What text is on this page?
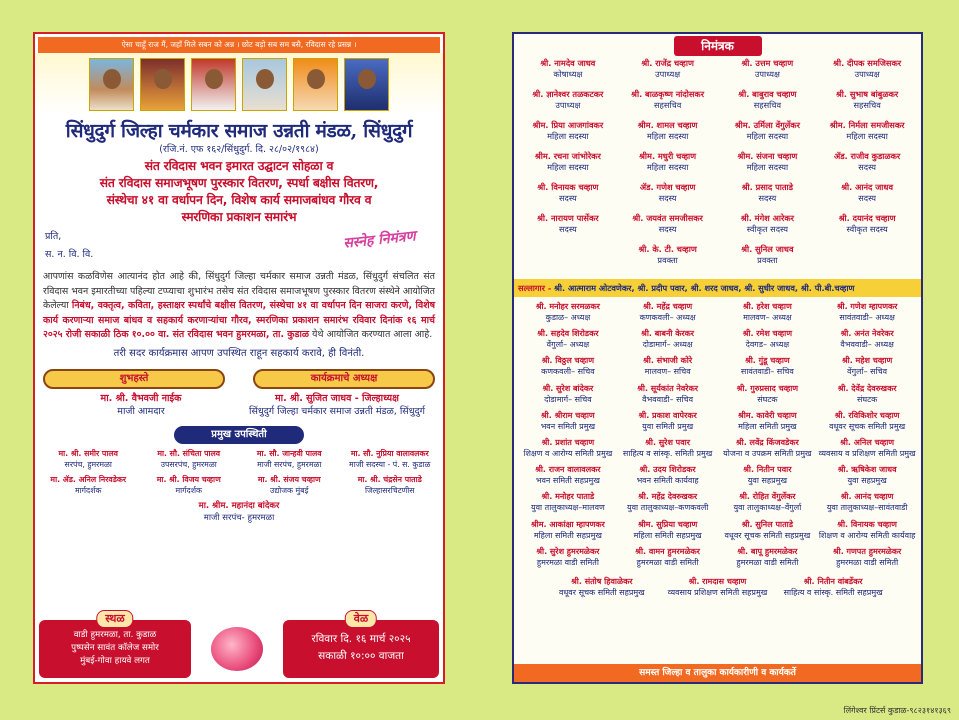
ऐसा चाहूँ राज मैं, जहाँ मिले सबन को अन्न । छोट बड़ो सब सम बसै, रविदास रहे प्रसन्न ।
सिंधुदुर्ग जिल्हा चर्मकार समाज उन्नती मंडळ, सिंधुदुर्ग
(रजि.नं. एफ १६२/सिंधुदुर्ग. दि. २८/०२/१९८४)
संत रविदास भवन इमारत उद्घाटन सोहळा व
संत रविदास समाजभूषण पुरस्कार वितरण, स्पर्धा बक्षीस वितरण,
संस्थेचा ४१ वा वर्धापन दिन, विशेष कार्य समाजबांधव गौरव व
स्मरणिका प्रकाशन समारंभ
प्रति,
स. न. वि. वि.
सस्नेह निमंत्रण
आपणांस कळविणेस आत्यानंद होत आहे की, सिंधुदुर्ग जिल्हा चर्मकार समाज उन्नती मंडळ, सिंधुदुर्ग संचलित संत रविदास भवन इमारतीच्या पहिल्या टप्प्याचा शुभारंभ तसेच संत रविदास समाजभूषण पुरस्कार वितरण संस्थेने आयोजित केलेल्या निबंध, वक्तृत्व, कविता, हस्ताक्षर स्पर्धांचे बक्षीस वितरण, संस्थेचा ४१ वा वर्धापन दिन साजरा करणे, विशेष कार्य करणाऱ्या समाज बांधव व सहकार्य करणाऱ्यांचा गौरव, स्मरणिका प्रकाशन समारंभ रविवार दिनांक १६ मार्च २०२५ रोजी सकाळी ठिक १०.०० वा. संत रविदास भवन हुमरमळा, ता. कुडाळ येथे आयोजित करण्यात आला आहे.
तरी सदर कार्यक्रमास आपण उपस्थित राहून सहकार्य करावे, ही विनंती.
शुभहस्ते	कार्यक्रमाचे अध्यक्ष
मा. श्री. वैभवजी नाईक
माजी आमदार
मा. श्री. सुजित जाधव - जिल्हाध्यक्ष
सिंधुदुर्ग जिल्हा चर्मकार समाज उन्नती मंडळ, सिंधुदुर्ग
प्रमुख उपस्थिती
मा. श्री. समीर पालव
सरपंच, हुमरमळा
मा. सौ. संचिता पालव
उपसरपंच, हुमरमळा
मा. सौ. जान्हवी पालव
माजी सरपंच, हुमरमळा
मा. सौ. नुप्रिया वालावलकर
माजी सदस्या - पं. स. कुडाळ
मा. ॲड. अनिल निरवडेकर
मार्गदर्शक
मा. श्री. विजय चव्हाण
मार्गदर्शक
मा. श्री. संजय चव्हाण
उद्योजक मुंबई
मा. श्री. चंद्रसेन पाताडे
जिल्हासरचिटणीस
मा. श्रीम. महानंदा बांदेकर
माजी सरपंच- हुमरमळा
स्थळ
वाडी हुमरमळा, ता. कुडाळ
पुष्पसेन सावंत कॉलेज समोर
मुंबई-गोवा हायवे लगत
वेळ
रविवार दि. १६ मार्च २०२५
सकाळी १०:०० वाजता
निमंत्रक
श्री. नामदेव जाधव
कोषाध्यक्ष
श्री. राजेंद्र चव्हाण
उपाध्यक्ष
श्री. उत्तम चव्हाण
उपाध्यक्ष
श्री. दीपक समजिसकर
उपाध्यक्ष
श्री. ज्ञानेश्वर तळकटकर
उपाध्यक्ष
श्री. बाळकृष्ण नांदोसकर
सहसचिव
श्री. बाबुराव चव्हाण
सहसचिव
श्री. सुभाष बांबुळकर
सहसचिव
श्रीम. प्रिया आजगांवकर
महिला सदस्या
श्रीम. शामल चव्हाण
महिला सदस्या
श्रीम. उर्मिला वेंगुर्लेकर
महिला सदस्या
श्रीम. निर्मला समजीसकर
महिला सदस्या
श्रीम. रचना जांभोरेकर
महिला सदस्या
श्रीम. मधुरी चव्हाण
महिला सदस्या
श्रीम. संजना चव्हाण
महिला सदस्या
ॲड. राजीव कुडाळकर
सदस्य
श्री. विनायक चव्हाण
सदस्य
ॲड. गणेश चव्हाण
सदस्य
श्री. प्रसाद पाताडे
सदस्य
श्री. आनंद जाधव
सदस्य
श्री. नारायण पार्सेकर
सदस्य
श्री. जयवंत समजीसकर
सदस्य
श्री. मंगेश आरेकर
स्वीकृत सदस्य
श्री. दयानंद चव्हाण
स्वीकृत सदस्य
श्री. के. टी. चव्हाण
प्रवक्ता
श्री. सुनिल जाधव
प्रवक्ता
सल्लागार - श्री. आत्माराम ओटवणेकर, श्री. प्रदीप पवार, श्री. शरद जाधव, श्री. सुधीर जाधव, श्री. पी.बी.चव्हाण
श्री. मनोहर सरमळकर
कुडाळ– अध्यक्ष
श्री. महेंद्र चव्हाण
कणकवली– अध्यक्ष
श्री. हरेश चव्हाण
मालवण– अध्यक्ष
श्री. गणेश म्हापणकर
सावंतवाडी– अध्यक्ष
श्री. सहदेव शिरोडकर
वेंगुर्ला– अध्यक्ष
श्री. बाबनी केरकर
दोडामार्ग– अध्यक्ष
श्री. रमेश चव्हाण
देवगड– अध्यक्ष
श्री. अनंत नेवरेकर
वैभववाडी– अध्यक्ष
श्री. विठ्ठल चव्हाण
कणकवली– सचिव
श्री. संभाजी कोरे
मालवण– सचिव
श्री. गुंडू चव्हाण
सावंतवाडी– सचिव
श्री. महेश चव्हाण
वेंगुर्ला– सचिव
श्री. सुरेश बांदेकर
दोडामार्ग– सचिव
श्री. सूर्यकांत नेवरेकर
वैभववाडी– सचिव
श्री. गुरुप्रसाद चव्हाण
संघटक
श्री. देवेंद्र देवरुखकर
संघटक
श्री. श्रीराम चव्हाण
भवन समिती प्रमुख
श्री. प्रकाश वापेरकर
युवा समिती प्रमुख
श्रीम. कावेरी चव्हाण
महिला समिती प्रमुख
श्री. रविकिशोर चव्हाण
वधूवर सूचक समिती प्रमुख
श्री. प्रशांत चव्हाण
शिक्षण व आरोग्य समिती प्रमुख
श्री. सुरेश पवार
साहित्य व सांस्कृ. समिती प्रमुख
श्री. लवेंद्र किंजवडेकर
योजना व उपक्रम समिती प्रमुख
श्री. अनिल चव्हाण
व्यवसाय व प्रशिक्षण समिती प्रमुख
श्री. राजन वालावलकर
भवन समिती सहप्रमुख
श्री. उदय शिरोडकर
भवन समिती कार्यवाह
श्री. नितीन पवार
युवा सहप्रमुख
श्री. ऋषिकेश जाधव
युवा सहप्रमुख
श्री. मनोहर पाताडे
युवा तालुकाध्यक्ष–मालवण
श्री. महेंद्र देवरुखकर
युवा तालुकाध्यक्ष–कणकवली
श्री. रोहित वेंगुर्लेकर
युवा तालुकाध्यक्ष–वेंगुर्ला
श्री. आनंद चव्हाण
युवा तालुकाध्यक्ष–सावंतवाडी
श्रीम. आकांक्षा म्हापणकर
महिला समिती सहप्रमुख
श्रीम. सुप्रिया चव्हाण
महिला समिती सहप्रमुख
श्री. सुनिल पाताडे
वधूवर सूचक समिती सहप्रमुख
श्री. विनायक चव्हाण
शिक्षण व आरोग्य समिती कार्यवाह
श्री. सुरेश हुमरमळेकर
हुमरमळा वाडी समिती
श्री. वामन हुमरमळेकर
हुमरमळा वाडी समिती
श्री. बापू हुमरमळेकर
हुमरमळा वाडी समिती
श्री. गणपत हुमरमळेकर
हुमरमळा वाडी समिती
श्री. संतोष हिवाळेकर
वधूवर सूचक समिती सहप्रमुख
श्री. रामदास चव्हाण
व्यवसाय प्रशिक्षण समिती सहप्रमुख
श्री. नितीन वांबर्डेकर
साहित्य व सांस्कृ. समिती सहप्रमुख
समस्त जिल्हा व तालुका कार्यकारीणी व कार्यकर्ते
लिंगेश्वर प्रिंटर्स कुडाळ-९८२३१४१३६९
